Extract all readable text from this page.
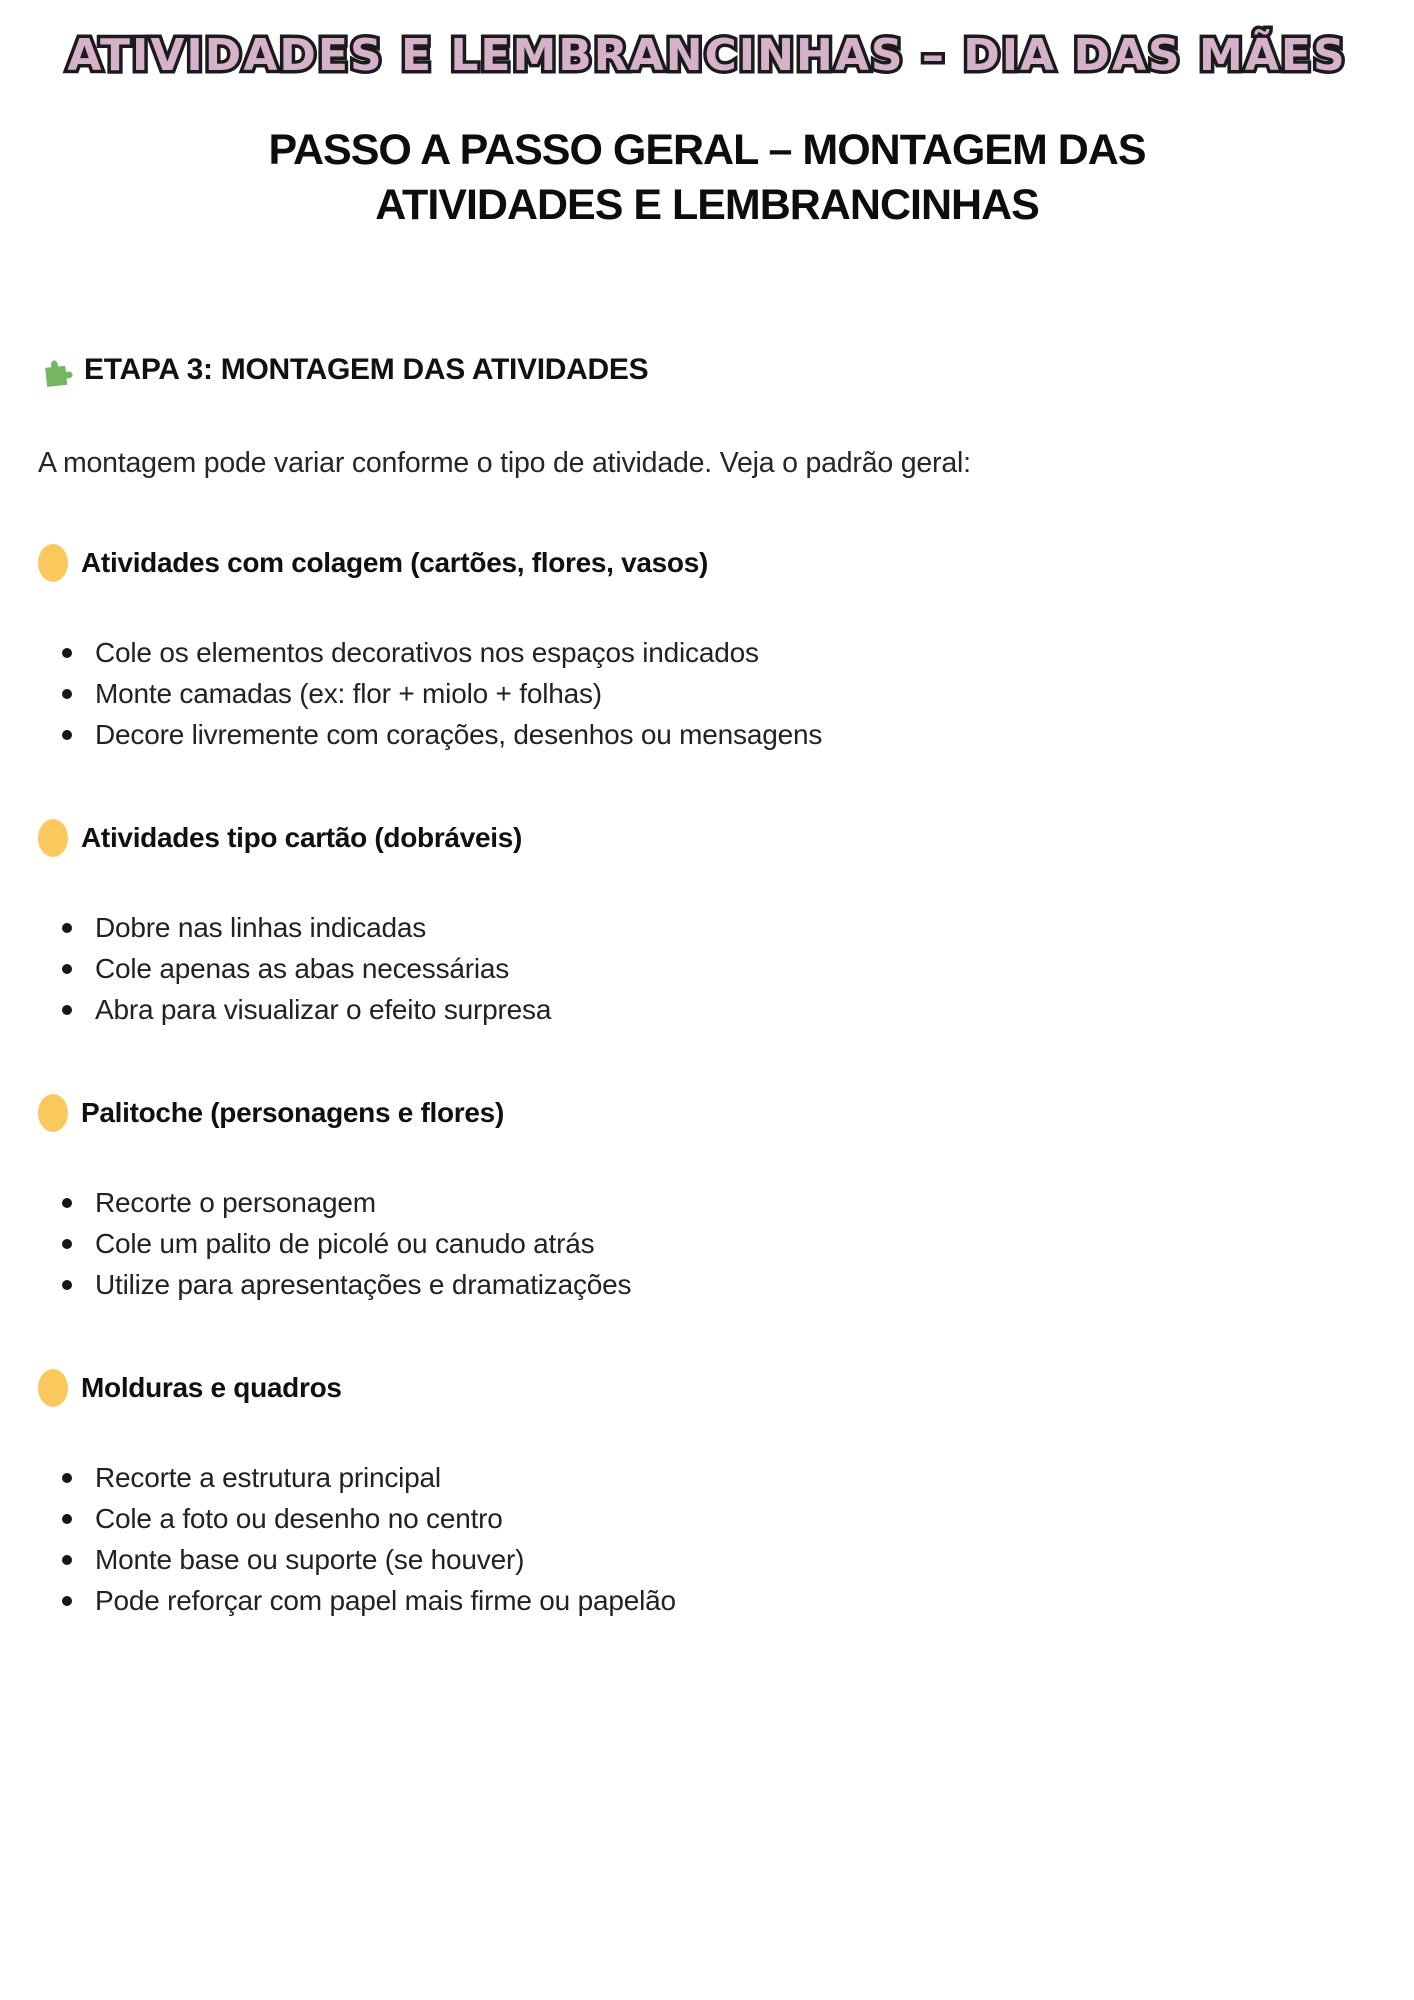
ATIVIDADES E LEMBRANCINHAS – DIA DAS MÃES ATIVIDADES E LEMBRANCINHAS – DIA DAS MÃES
PASSO A PASSO GERAL – MONTAGEM DAS
ATIVIDADES E LEMBRANCINHAS
ETAPA 3: MONTAGEM DAS ATIVIDADES

A montagem pode variar conforme o tipo de atividade. Veja o padrão geral:

Atividades com colagem (cartões, flores, vasos)
Cole os elementos decorativos nos espaços indicados
Monte camadas (ex: flor + miolo + folhas)
Decore livremente com corações, desenhos ou mensagens
Atividades tipo cartão (dobráveis)
Dobre nas linhas indicadas
Cole apenas as abas necessárias
Abra para visualizar o efeito surpresa
Palitoche (personagens e flores)
Recorte o personagem
Cole um palito de picolé ou canudo atrás
Utilize para apresentações e dramatizações
Molduras e quadros
Recorte a estrutura principal
Cole a foto ou desenho no centro
Monte base ou suporte (se houver)
Pode reforçar com papel mais firme ou papelão
